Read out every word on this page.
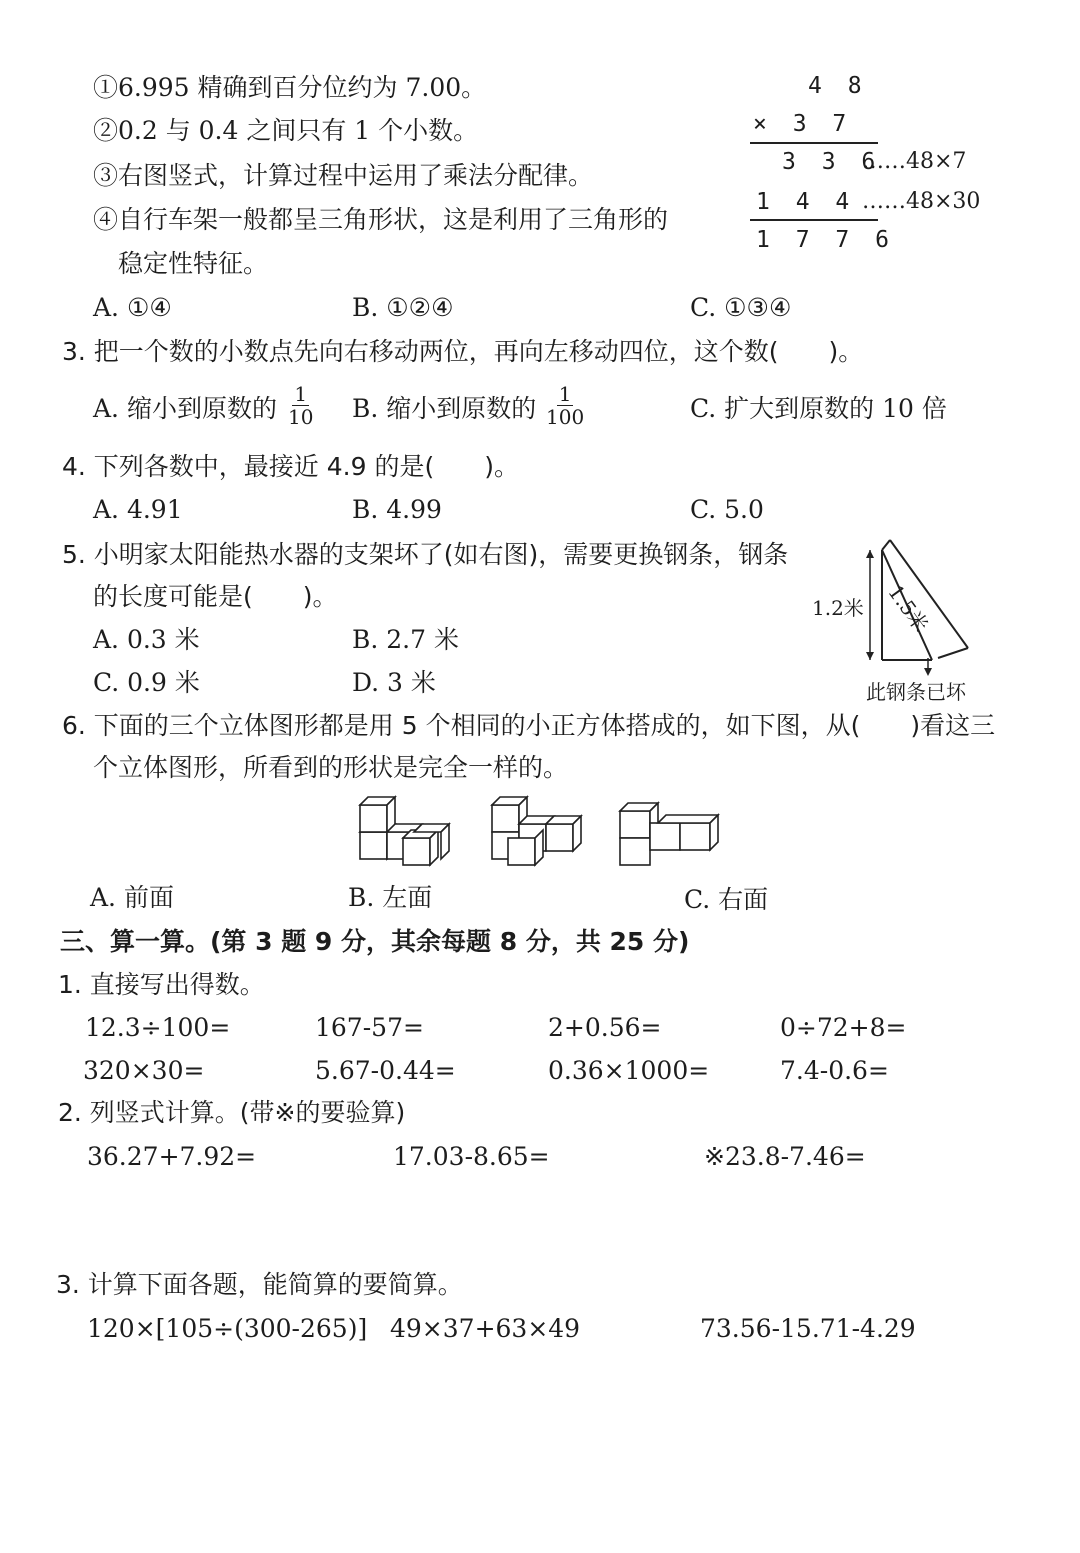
①6.995 精确到百分位约为 7.00。
②0.2 与 0.4 之间只有 1 个小数。
③右图竖式，计算过程中运用了乘法分配律。
④自行车架一般都呈三角形状，这是利用了三角形的
稳定性特征。
A. ①④	B. ①②④	C. ①③④
4 8
× 3 7
3 3 6
……48×7
1 4 4 ……48×30
1 7 7 6
3. 把一个数的小数点先向右移动两位，再向左移动四位，这个数(　　)。
A. 缩小到原数的 $\frac{1}{10} B$. 缩小到原数的 $\frac{1}{100}$	C. 扩大到原数的 10 倍
4. 下列各数中，最接近 4.9 的是(　　)。
A. 4.91	B. 4.99	C. 5.0
5. 小明家太阳能热水器的支架坏了(如右图)，需要更换钢条，钢条
的长度可能是(　　)。
A. 0.3 米	B. 2.7 米
C. 0.9 米	D. 3 米
1.2米 1.5米
此钢条已坏
6. 下面的三个立体图形都是用 5 个相同的小正方体搭成的，如下图，从(　　)看这三
个立体图形，所看到的形状是完全一样的。
A. 前面	B. 左面	C. 右面
三、算一算。(第 3 题 9 分，其余每题 8 分，共 25 分)
1. 直接写出得数。
12.3÷100=	167-57=	2+0.56=	0÷72+8=
320×30=	5.67-0.44=	0.36×1000=	7.4-0.6=
2. 列竖式计算。(带※的要验算)
36.27+7.92=	17.03-8.65=	※23.8-7.46=
3. 计算下面各题，能简算的要简算。
120×[105÷(300-265)] 49×37+63×49	73.56-15.71-4.29
